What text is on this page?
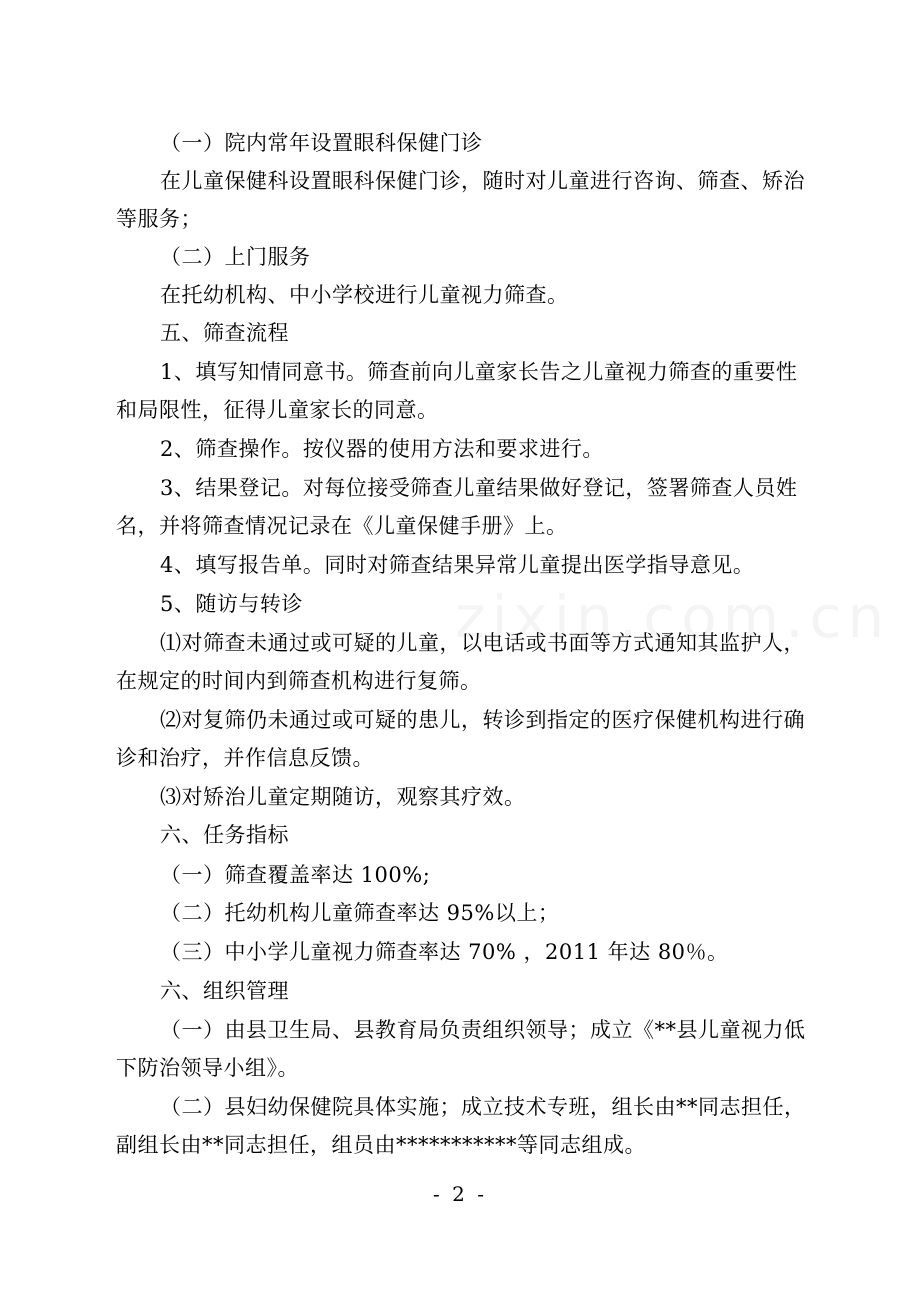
（一）院内常年设置眼科保健门诊

在儿童保健科设置眼科保健门诊，随时对儿童进行咨询、筛查、矫治等服务；

（二）上门服务

在托幼机构、中小学校进行儿童视力筛查。

五、筛查流程

1、填写知情同意书。筛查前向儿童家长告之儿童视力筛查的重要性和局限性，征得儿童家长的同意。

2、筛查操作。按仪器的使用方法和要求进行。

3、结果登记。对每位接受筛查儿童结果做好登记，签署筛查人员姓名，并将筛查情况记录在《儿童保健手册》上。

4、填写报告单。同时对筛查结果异常儿童提出医学指导意见。

5、随访与转诊

⑴对筛查未通过或可疑的儿童，以电话或书面等方式通知其监护人，在规定的时间内到筛查机构进行复筛。

⑵对复筛仍未通过或可疑的患儿，转诊到指定的医疗保健机构进行确诊和治疗，并作信息反馈。

⑶对矫治儿童定期随访，观察其疗效。

六、任务指标

（一）筛查覆盖率达 100%;

（二）托幼机构儿童筛查率达 95%以上；

（三）中小学儿童视力筛查率达 70% ，2011 年达 80％。

六、组织管理

（一）由县卫生局、县教育局负责组织领导；成立《**县儿童视力低下防治领导小组》。

（二）县妇幼保健院具体实施；成立技术专班，组长由**同志担任，副组长由**同志担任，组员由***********等同志组成。

- 2 -
